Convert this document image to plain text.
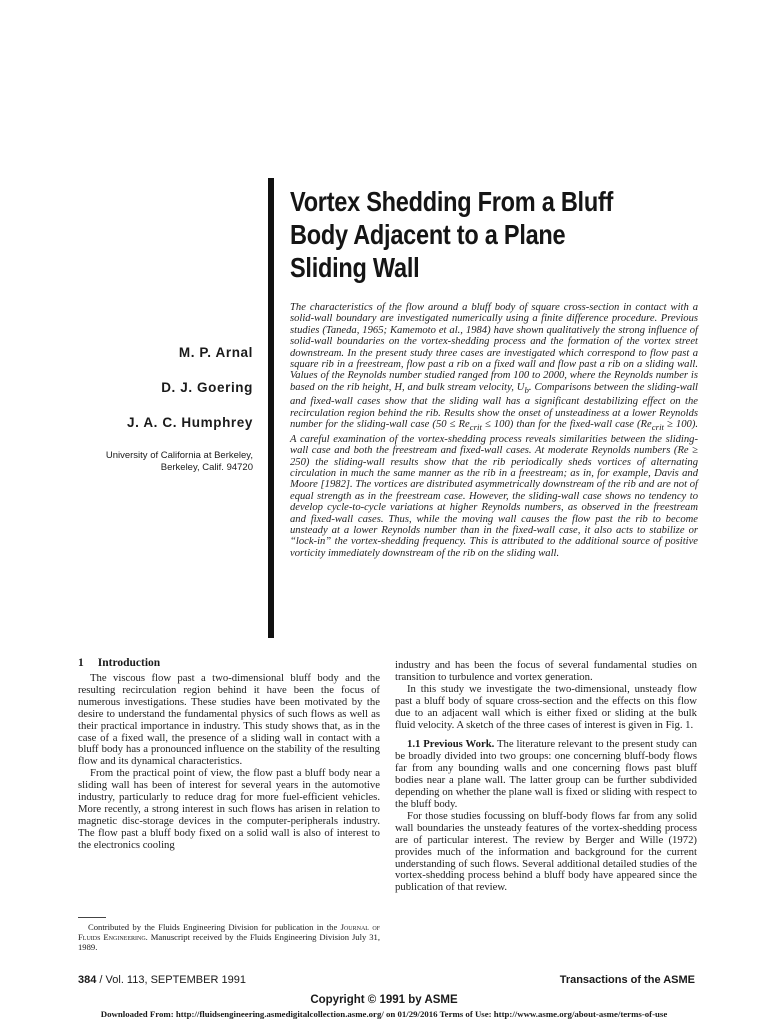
Vortex Shedding From a Bluff Body Adjacent to a Plane Sliding Wall
M. P. Arnal
D. J. Goering
J. A. C. Humphrey
University of California at Berkeley,
Berkeley, Calif. 94720

The characteristics of the flow around a bluff body of square cross-section in contact with a solid-wall boundary are investigated numerically using a finite difference procedure. Previous studies (Taneda, 1965; Kamemoto et al., 1984) have shown qualitatively the strong influence of solid-wall boundaries on the vortex-shedding process and the formation of the vortex street downstream. In the present study three cases are investigated which correspond to flow past a square rib in a freestream, flow past a rib on a fixed wall and flow past a rib on a sliding wall. Values of the Reynolds number studied ranged from 100 to 2000, where the Reynolds number is based on the rib height, H, and bulk stream velocity, $U_b$. Comparisons between the sliding-wall and fixed-wall cases show that the sliding wall has a significant destabilizing effect on the recirculation region behind the rib. Results show the onset of unsteadiness at a lower Reynolds number for the sliding-wall case $(50 \le Re_{crit} \le 100)$ than for the fixed-wall case $(Re_{crit} \ge 100)$. A careful examination of the vortex-shedding process reveals similarities between the sliding-wall case and both the freestream and fixed-wall cases. At moderate Reynolds numbers (Re ≥ 250) the sliding-wall results show that the rib periodically sheds vortices of alternating circulation in much the same manner as the rib in a freestream; as in, for example, Davis and Moore [1982]. The vortices are distributed asymmetrically downstream of the rib and are not of equal strength as in the freestream case. However, the sliding-wall case shows no tendency to develop cycle-to-cycle variations at higher Reynolds numbers, as observed in the freestream and fixed-wall cases. Thus, while the moving wall causes the flow past the rib to become unsteady at a lower Reynolds number than in the fixed-wall case, it also acts to stabilize or “lock-in” the vortex-shedding frequency. This is attributed to the additional source of positive vorticity immediately downstream of the rib on the sliding wall.

1 Introduction

The viscous flow past a two-dimensional bluff body and the resulting recirculation region behind it have been the focus of numerous investigations. These studies have been motivated by the desire to understand the fundamental physics of such flows as well as their practical importance in industry. This study shows that, as in the case of a fixed wall, the presence of a sliding wall in contact with a bluff body has a pronounced influence on the stability of the resulting flow and its dynamical characteristics.

From the practical point of view, the flow past a bluff body near a sliding wall has been of interest for several years in the automotive industry, particularly to reduce drag for more fuel-efficient vehicles. More recently, a strong interest in such flows has arisen in relation to magnetic disc-storage devices in the computer-peripherals industry. The flow past a bluff body fixed on a solid wall is also of interest to the electronics cooling

industry and has been the focus of several fundamental studies on transition to turbulence and vortex generation.

In this study we investigate the two-dimensional, unsteady flow past a bluff body of square cross-section and the effects on this flow due to an adjacent wall which is either fixed or sliding at the bulk fluid velocity. A sketch of the three cases of interest is given in Fig. 1.

1.1 Previous Work. The literature relevant to the present study can be broadly divided into two groups: one concerning bluff-body flows far from any bounding walls and one concerning flows past bluff bodies near a plane wall. The latter group can be further subdivided depending on whether the plane wall is fixed or sliding with respect to the bluff body.

For those studies focussing on bluff-body flows far from any solid wall boundaries the unsteady features of the vortex-shedding process are of particular interest. The review by Berger and Wille (1972) provides much of the information and background for the current understanding of such flows. Several additional detailed studies of the vortex-shedding process behind a bluff body have appeared since the publication of that review.

Contributed by the Fluids Engineering Division for publication in the Journal of Fluids Engineering. Manuscript received by the Fluids Engineering Division July 31, 1989.

384 / Vol. 113, SEPTEMBER 1991	Transactions of the ASME

Copyright © 1991 by ASME

Downloaded From: http://fluidsengineering.asmedigitalcollection.asme.org/ on 01/29/2016 Terms of Use: http://www.asme.org/about-asme/terms-of-use
